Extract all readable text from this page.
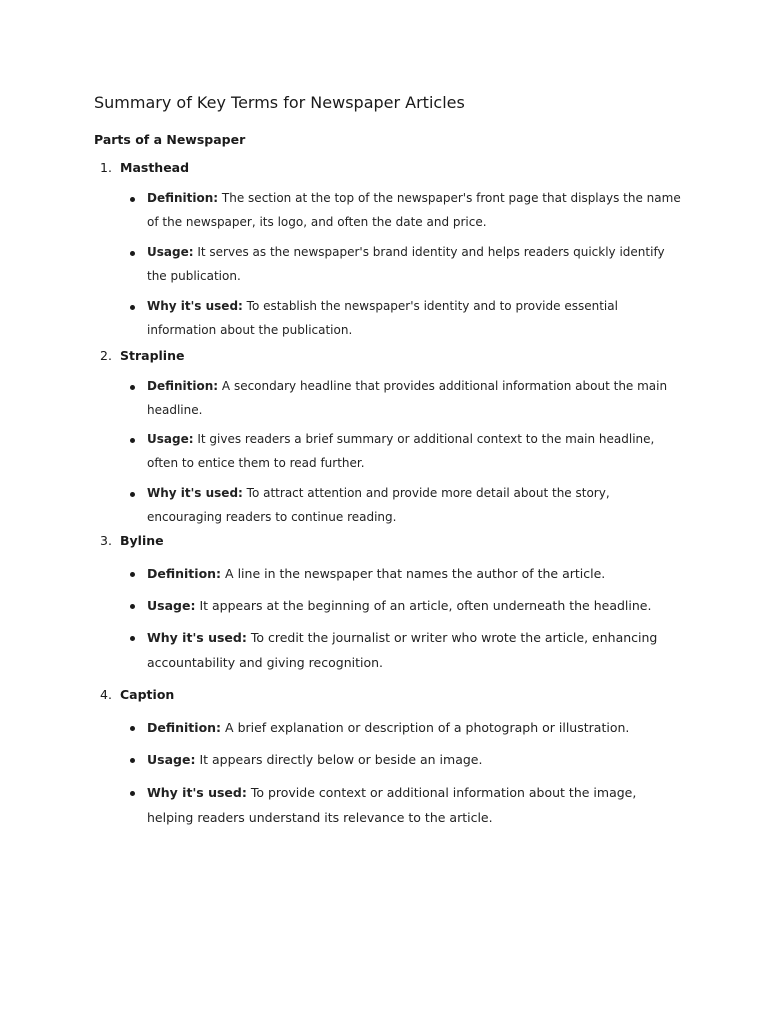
Summary of Key Terms for Newspaper Articles
Parts of a Newspaper

1. Masthead

Definition: The section at the top of the newspaper's front page that displays the name of the newspaper, its logo, and often the date and price.

Usage: It serves as the newspaper's brand identity and helps readers quickly identify the publication.

Why it's used: To establish the newspaper's identity and to provide essential information about the publication.

2. Strapline

Definition: A secondary headline that provides additional information about the main headline.

Usage: It gives readers a brief summary or additional context to the main headline, often to entice them to read further.

Why it's used: To attract attention and provide more detail about the story, encouraging readers to continue reading.

3. Byline

Definition: A line in the newspaper that names the author of the article.

Usage: It appears at the beginning of an article, often underneath the headline.

Why it's used: To credit the journalist or writer who wrote the article, enhancing accountability and giving recognition.

4. Caption

Definition: A brief explanation or description of a photograph or illustration.

Usage: It appears directly below or beside an image.

Why it's used: To provide context or additional information about the image, helping readers understand its relevance to the article.
